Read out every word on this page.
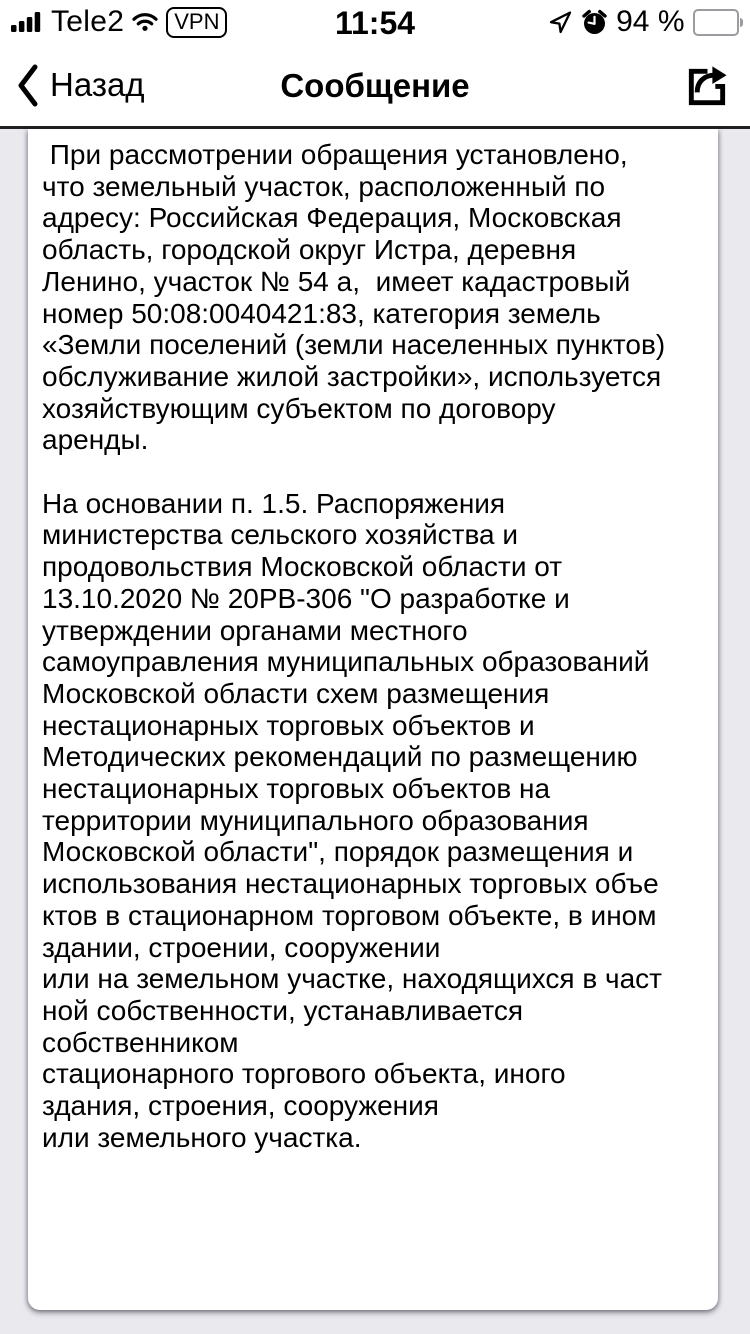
11:54
Tele2	VPN	94 %
Назад	Сообщение
При рассмотрении обращения установлено,
что земельный участок, расположенный по
адресу: Российская Федерация, Московская
область, городской округ Истра, деревня
Ленино, участок № 54 а,  имеет кадастровый
номер 50:08:0040421:83, категория земель
«Земли поселений (земли населенных пунктов)
обслуживание жилой застройки», используется
хозяйствующим субъектом по договору
аренды.

На основании п. 1.5. Распоряжения
министерства сельского хозяйства и
продовольствия Московской области от
13.10.2020 № 20РВ-306 "О разработке и
утверждении органами местного
самоуправления муниципальных образований
Московской области схем размещения
нестационарных торговых объектов и
Методических рекомендаций по размещению
нестационарных торговых объектов на
территории муниципального образования
Московской области", порядок размещения и
использования нестационарных торговых объе
ктов в стационарном торговом объекте, в ином
здании, строении, сооружении
или на земельном участке, находящихся в част
ной собственности, устанавливается
собственником
стационарного торгового объекта, иного
здания, строения, сооружения
или земельного участка.
